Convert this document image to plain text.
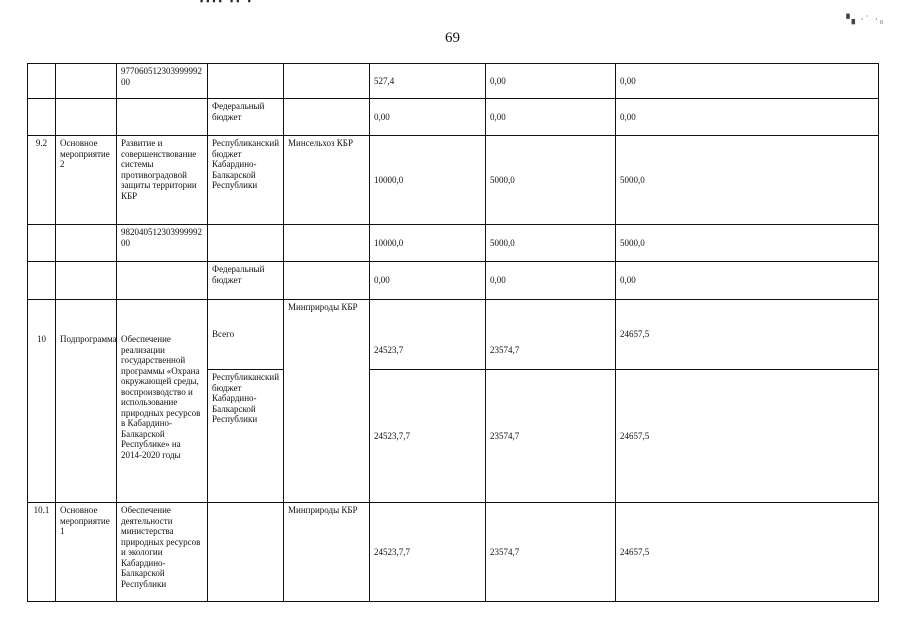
▪▪▪▪ ▪▪ ▪
69
▝▖·˙ ·₀
		97706051230399999200			527,4	0,00	0,00
			Федеральный бюджет		0,00	0,00	0,00
9.2	Основное мероприятие 2	Развитие и совершенствование системы противоградовой защиты территории КБР	Республиканский бюджет Кабардино-Балкарской Республики	Минсельхоз КБР	10000,0	5000,0	5000,0
		98204051230399999200			10000,0	5000,0	5000,0
			Федеральный бюджет		0,00	0,00	0,00
10	Подпрограмма	Обеспечение реализации государственной программы «Охрана окружающей среды, воспроизводство и использование природных ресурсов в Кабардино-Балкарской Республике» на 2014-2020 годы	Всего	Минприроды КБР	24523,7	23574,7	24657,5
			Республиканский бюджет Кабардино-Балкарской Республики		24523,7,7	23574,7	24657,5
10.1	Основное мероприятие 1	Обеспечение деятельности министерства природных ресурсов и экологии Кабардино-Балкарской Республики		Минприроды КБР	24523,7,7	23574,7	24657,5
